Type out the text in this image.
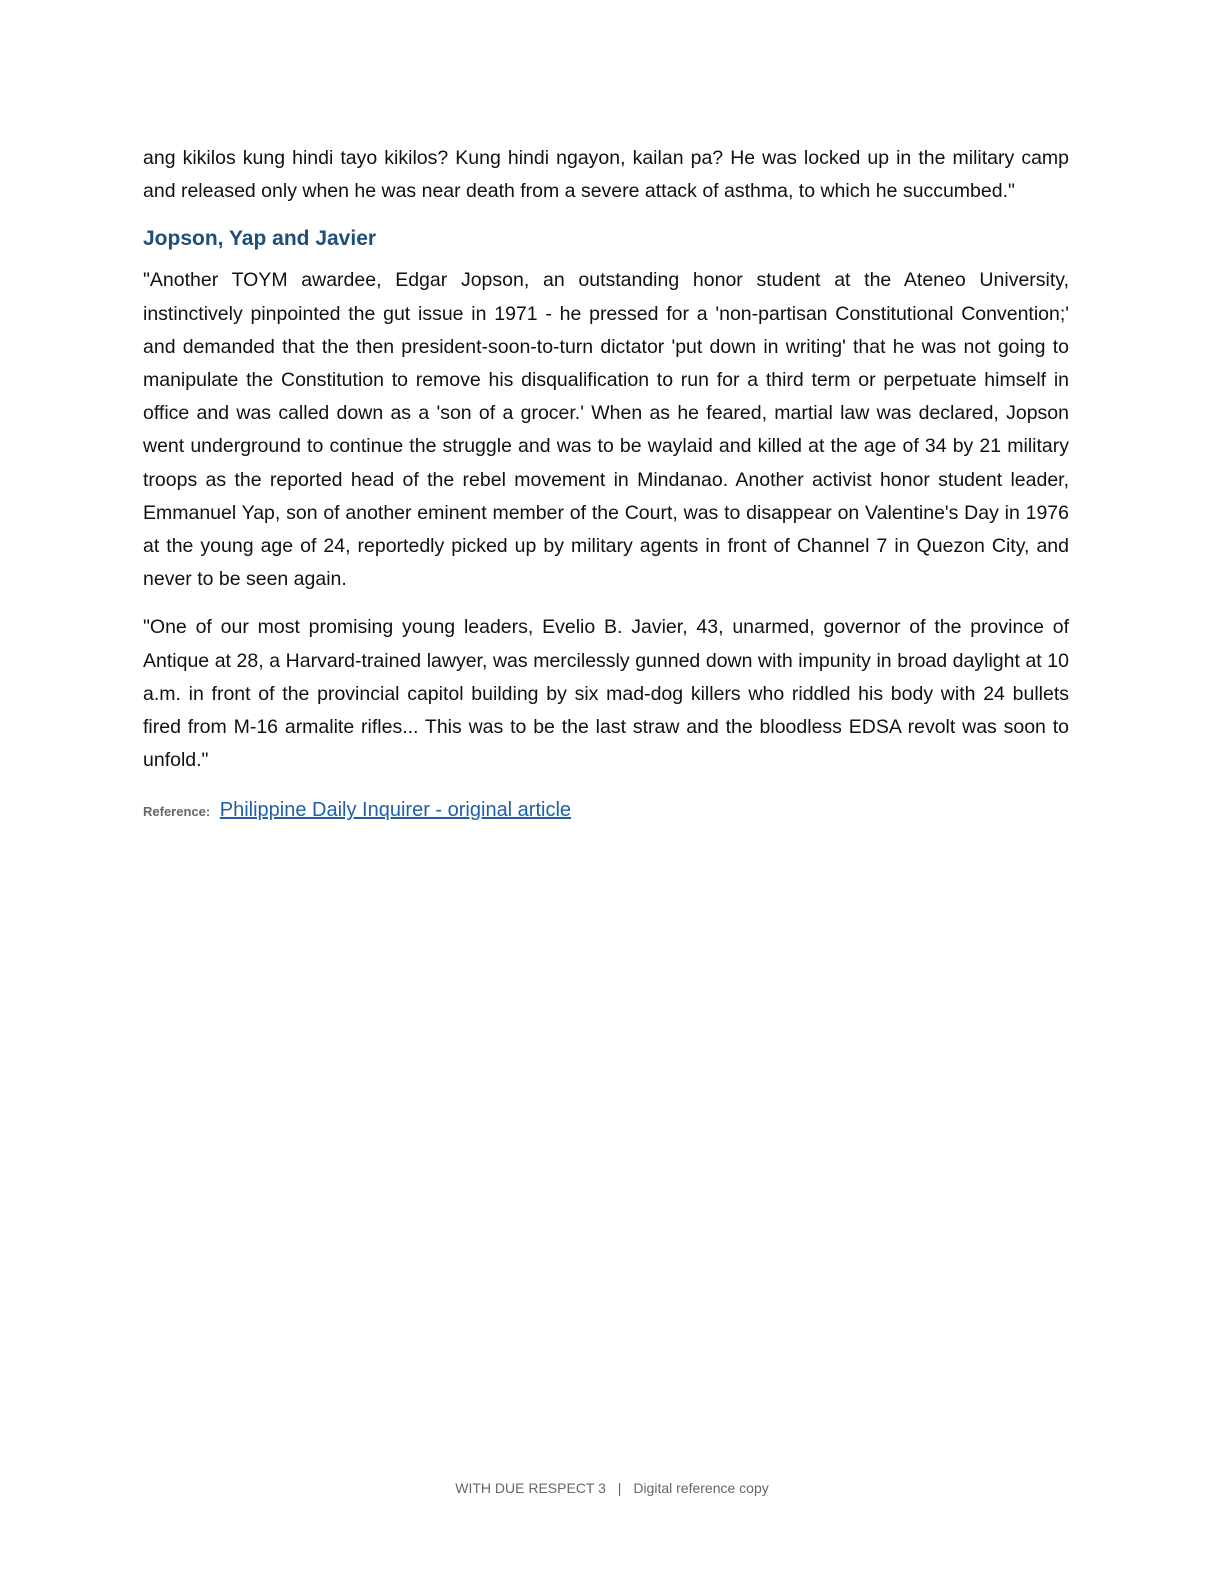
ang kikilos kung hindi tayo kikilos? Kung hindi ngayon, kailan pa? He was locked up in the military camp and released only when he was near death from a severe attack of asthma, to which he succumbed."

Jopson, Yap and Javier

"Another TOYM awardee, Edgar Jopson, an outstanding honor student at the Ateneo University, instinctively pinpointed the gut issue in 1971 - he pressed for a 'non-partisan Constitutional Convention;' and demanded that the then president-soon-to-turn dictator 'put down in writing' that he was not going to manipulate the Constitution to remove his disqualification to run for a third term or perpetuate himself in office and was called down as a 'son of a grocer.' When as he feared, martial law was declared, Jopson went underground to continue the struggle and was to be waylaid and killed at the age of 34 by 21 military troops as the reported head of the rebel movement in Mindanao. Another activist honor student leader, Emmanuel Yap, son of another eminent member of the Court, was to disappear on Valentine's Day in 1976 at the young age of 24, reportedly picked up by military agents in front of Channel 7 in Quezon City, and never to be seen again.

"One of our most promising young leaders, Evelio B. Javier, 43, unarmed, governor of the province of Antique at 28, a Harvard-trained lawyer, was mercilessly gunned down with impunity in broad daylight at 10 a.m. in front of the provincial capitol building by six mad-dog killers who riddled his body with 24 bullets fired from M-16 armalite rifles... This was to be the last straw and the bloodless EDSA revolt was soon to unfold."

Reference: Philippine Daily Inquirer - original article
WITH DUE RESPECT 3 | Digital reference copy
